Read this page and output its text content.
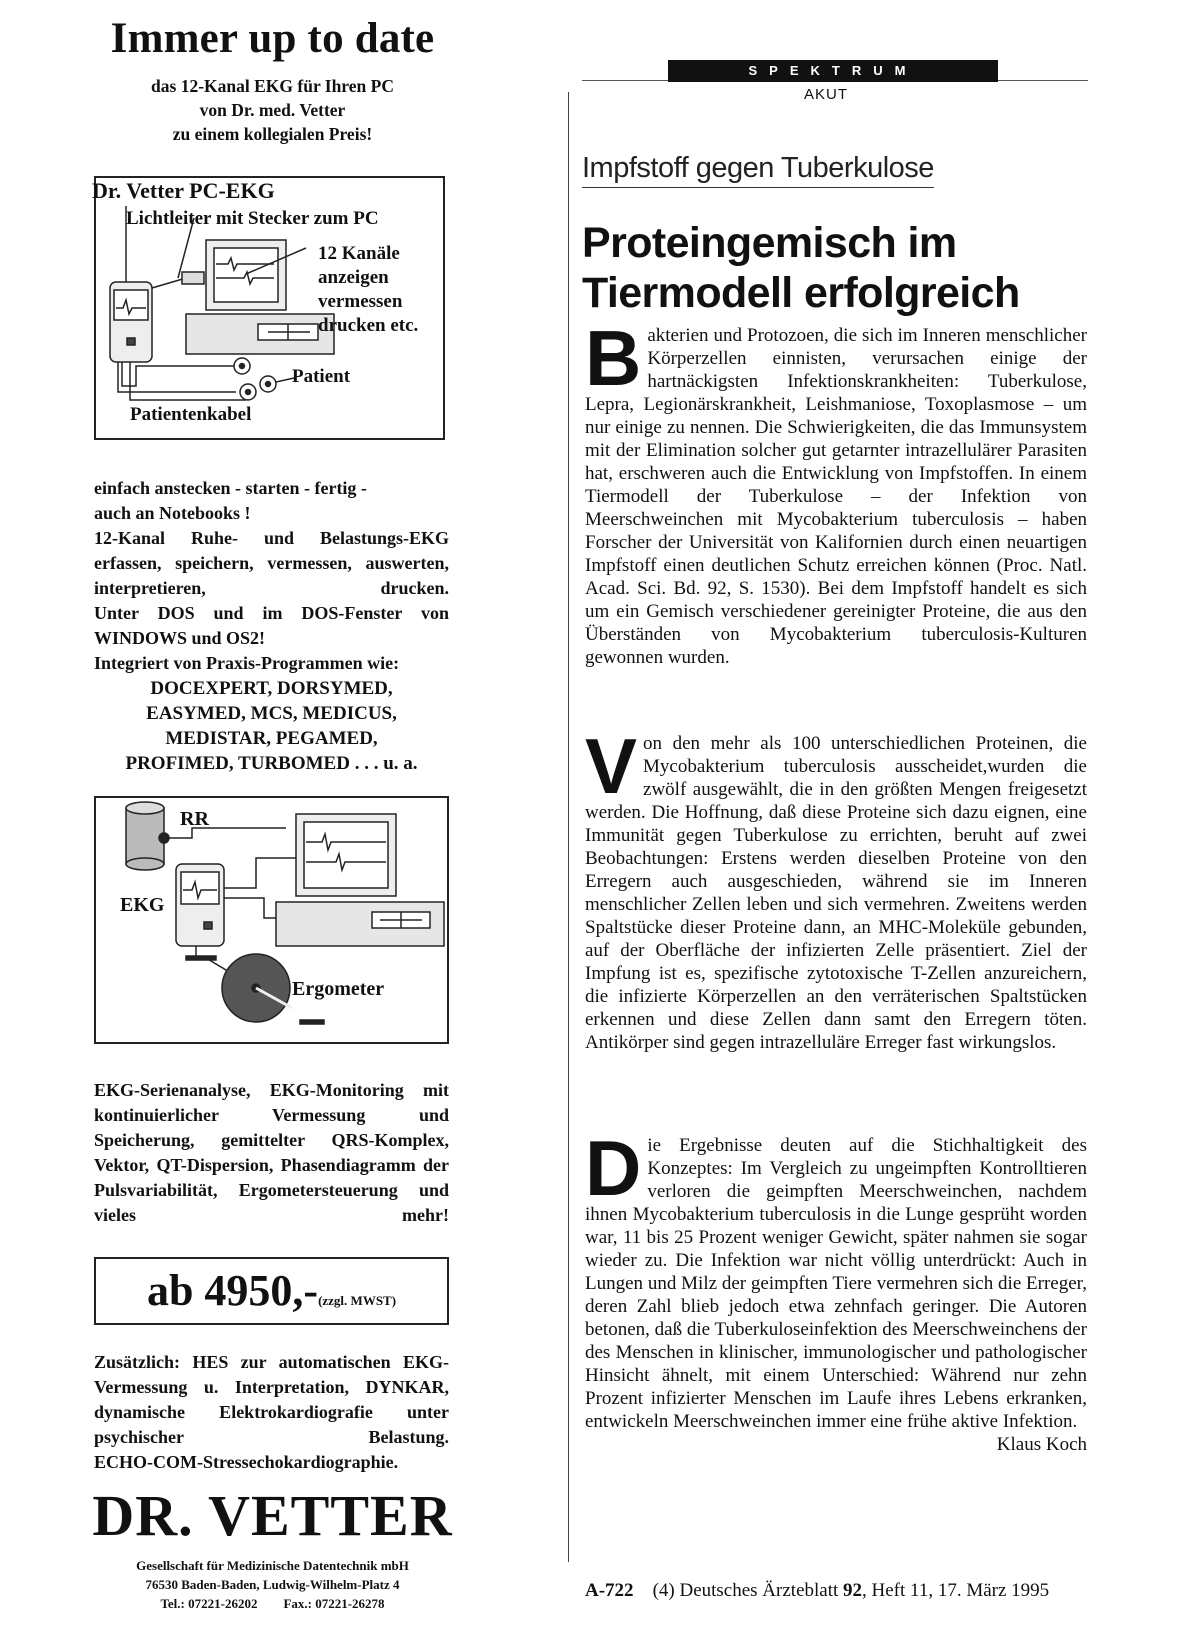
Immer up to date
das 12-Kanal EKG für Ihren PC
von Dr. med. Vetter
zu einem kollegialen Preis!
Dr. Vetter PC-EKG
Lichtleiter mit Stecker zum PC
12 Kanäle
anzeigen
vermessen
drucken etc.
Patient
Patientenkabel
einfach anstecken - starten - fertig -
auch an Notebooks !
12-Kanal Ruhe- und Belastungs-EKG erfassen, speichern, vermessen, auswerten, interpretieren, drucken.
Unter DOS und im DOS-Fenster von WINDOWS und OS2!
Integriert von Praxis-Programmen wie:
DOCEXPERT, DORSYMED,
EASYMED, MCS, MEDICUS,
MEDISTAR, PEGAMED,
PROFIMED, TURBOMED . . . u. a.
RR
EKG
Ergometer
EKG-Serienanalyse, EKG-Monitoring mit kontinuierlicher Vermessung und Speicherung, gemittelter QRS-Komplex, Vektor, QT-Dispersion, Phasendiagramm der Pulsvariabilität, Ergometersteuerung und vieles mehr!
ab 4950,-(zzgl. MWST)
Zusätzlich: HES zur automatischen EKG-Vermessung u. Interpretation, DYNKAR, dynamische Elektrokardiografie unter psychischer Belastung.
ECHO-COM-Stressechokardiographie.
DR. VETTER
Gesellschaft für Medizinische Datentechnik mbH
76530 Baden-Baden, Ludwig-Wilhelm-Platz 4
Tel.: 07221-26202        Fax.: 07221-26278
SPEKTRUM
AKUT
Impfstoff gegen Tuberkulose
Proteingemisch im
Tiermodell erfolgreich

Bakterien und Protozoen, die sich im Inneren menschlicher Körperzellen einnisten, verursachen einige der hartnäckigsten Infektionskrankheiten: Tuberkulose, Lepra, Legionärskrankheit, Leishmaniose, Toxoplasmose – um nur einige zu nennen. Die Schwierigkeiten, die das Immunsystem mit der Elimination solcher gut getarnter intrazellulärer Parasiten hat, erschweren auch die Entwicklung von Impfstoffen. In einem Tiermodell der Tuberkulose – der Infektion von Meerschweinchen mit Mycobakterium tuberculosis – haben Forscher der Universität von Kalifornien durch einen neuartigen Impfstoff einen deutlichen Schutz erreichen können (Proc. Natl. Acad. Sci. Bd. 92, S. 1530). Bei dem Impfstoff handelt es sich um ein Gemisch verschiedener gereinigter Proteine, die aus den Überständen von Mycobakterium tuberculosis-Kulturen gewonnen wurden.

Von den mehr als 100 unterschiedlichen Proteinen, die Mycobakterium tuberculosis ausscheidet,wurden die zwölf ausgewählt, die in den größten Mengen freigesetzt werden. Die Hoffnung, daß diese Proteine sich dazu eignen, eine Immunität gegen Tuberkulose zu errichten, beruht auf zwei Beobachtungen: Erstens werden dieselben Proteine von den Erregern auch ausgeschieden, während sie im Inneren menschlicher Zellen leben und sich vermehren. Zweitens werden Spaltstücke dieser Proteine dann, an MHC-Moleküle gebunden, auf der Oberfläche der infizierten Zelle präsentiert. Ziel der Impfung ist es, spezifische zytotoxische T-Zellen anzureichern, die infizierte Körperzellen an den verräterischen Spaltstücken erkennen und diese Zellen dann samt den Erregern töten. Antikörper sind gegen intrazelluläre Erreger fast wirkungslos.

Die Ergebnisse deuten auf die Stichhaltigkeit des Konzeptes: Im Vergleich zu ungeimpften Kontrolltieren verloren die geimpften Meerschweinchen, nachdem ihnen Mycobakterium tuberculosis in die Lunge gesprüht worden war, 11 bis 25 Prozent weniger Gewicht, später nahmen sie sogar wieder zu. Die Infektion war nicht völlig unterdrückt: Auch in Lungen und Milz der geimpften Tiere vermehren sich die Erreger, deren Zahl blieb jedoch etwa zehnfach geringer. Die Autoren betonen, daß die Tuberkuloseinfektion des Meerschweinchens der des Menschen in klinischer, immunologischer und pathologischer Hinsicht ähnelt, mit einem Unterschied: Während nur zehn Prozent infizierter Menschen im Laufe ihres Lebens erkranken, entwickeln Meerschweinchen immer eine frühe aktive Infektion.
Klaus Koch

A-722 (4) Deutsches Ärzteblatt 92, Heft 11, 17. März 1995
